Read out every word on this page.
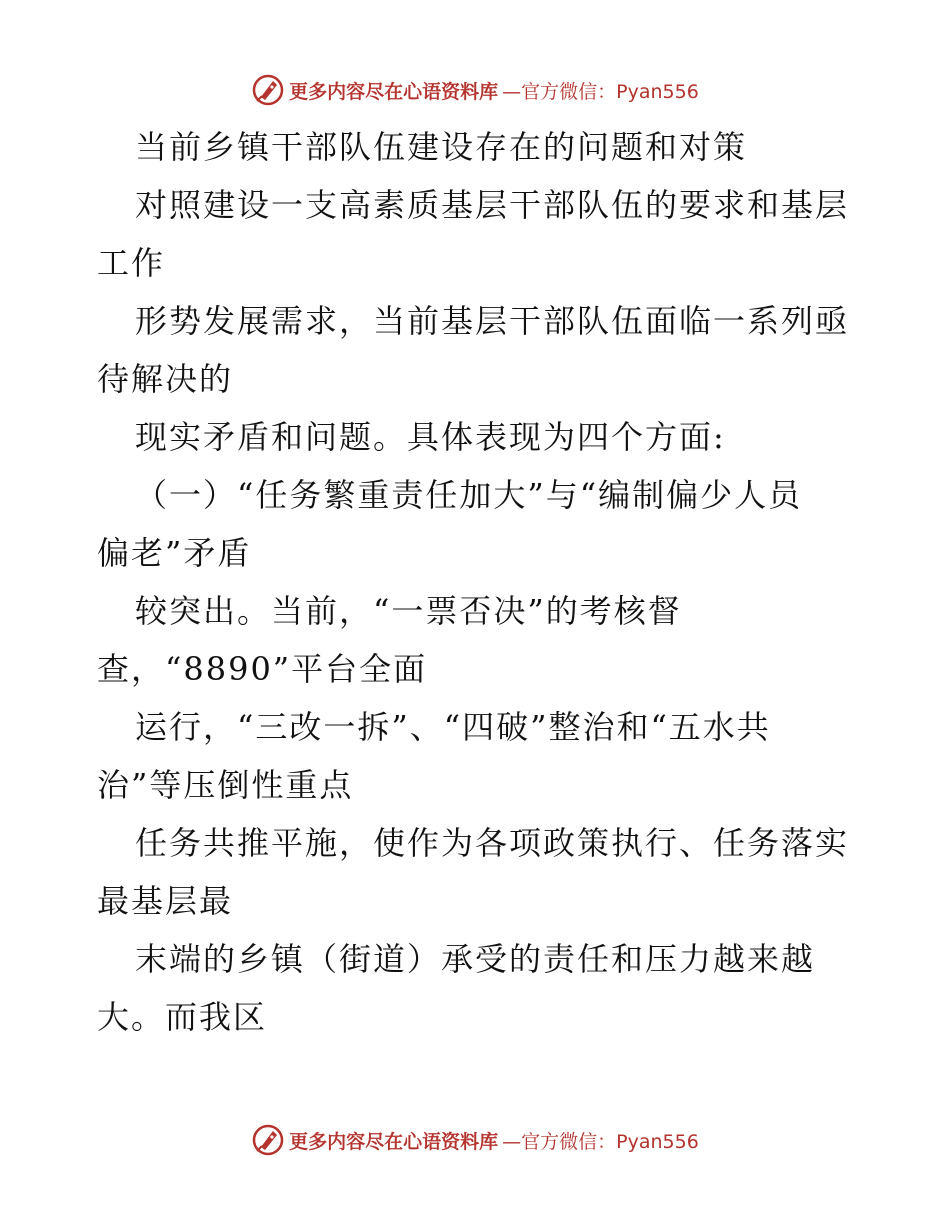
更多内容尽在心语资料库 —官方微信：Pyan556
当前乡镇干部队伍建设存在的问题和对策
对照建设一支高素质基层干部队伍的要求和基层
工作
形势发展需求，当前基层干部队伍面临一系列亟
待解决的
现实矛盾和问题。具体表现为四个方面:
（一）“任务繁重责任加大”与“编制偏少人员
偏老”矛盾
较突出。当前，“一票否决”的考核督
查，“8890”平台全面
运行，“三改一拆”、“四破”整治和“五水共
治”等压倒性重点
任务共推平施，使作为各项政策执行、任务落实
最基层最
末端的乡镇（街道）承受的责任和压力越来越
大。而我区
更多内容尽在心语资料库 —官方微信：Pyan556
